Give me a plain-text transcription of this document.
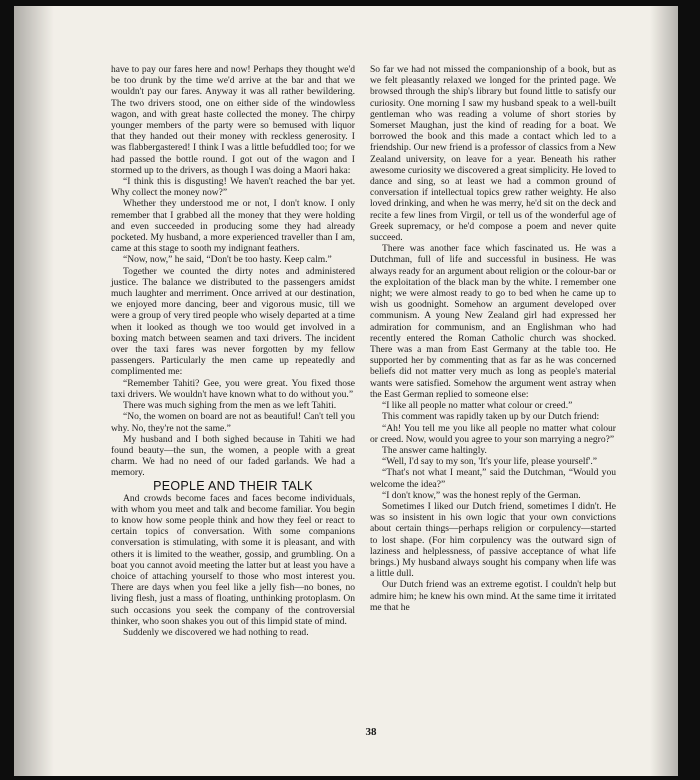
have to pay our fares here and now! Perhaps they thought we'd be too drunk by the time we'd arrive at the bar and that we wouldn't pay our fares. Anyway it was all rather bewildering. The two drivers stood, one on either side of the windowless wagon, and with great haste collected the money. The chirpy younger members of the party were so bemused with liquor that they handed out their money with reckless generosity. I was flabbergastered! I think I was a little befuddled too; for we had passed the bottle round. I got out of the wagon and I stormed up to the drivers, as though I was doing a Maori haka:

“I think this is disgusting! We haven't reached the bar yet. Why collect the money now?”

Whether they understood me or not, I don't know. I only remember that I grabbed all the money that they were holding and even succeeded in producing some they had already pocketed. My husband, a more experienced traveller than I am, came at this stage to sooth my indignant feathers.

“Now, now,” he said, “Don't be too hasty. Keep calm.”

Together we counted the dirty notes and administered justice. The balance we distributed to the passengers amidst much laughter and merriment. Once arrived at our destination, we enjoyed more dancing, beer and vigorous music, till we were a group of very tired people who wisely departed at a time when it looked as though we too would get involved in a boxing match between seamen and taxi drivers. The incident over the taxi fares was never forgotten by my fellow passengers. Particularly the men came up repeatedly and complimented me:

“Remember Tahiti? Gee, you were great. You fixed those taxi drivers. We wouldn't have known what to do without you.”

There was much sighing from the men as we left Tahiti.

“No, the women on board are not as beautiful! Can't tell you why. No, they're not the same.”

My husband and I both sighed because in Tahiti we had found beauty—the sun, the women, a people with a great charm. We had no need of our faded garlands. We had a memory.

PEOPLE AND THEIR TALK

And crowds become faces and faces become individuals, with whom you meet and talk and become familiar. You begin to know how some people think and how they feel or react to certain topics of conversation. With some companions conversation is stimulating, with some it is pleasant, and with others it is limited to the weather, gossip, and grumbling. On a boat you cannot avoid meeting the latter but at least you have a choice of attaching yourself to those who most interest you. There are days when you feel like a jelly fish—no bones, no living flesh, just a mass of floating, unthinking protoplasm. On such occasions you seek the company of the controversial thinker, who soon shakes you out of this limpid state of mind.

Suddenly we discovered we had nothing to read.

So far we had not missed the companionship of a book, but as we felt pleasantly relaxed we longed for the printed page. We browsed through the ship's library but found little to satisfy our curiosity. One morning I saw my husband speak to a well-built gentleman who was reading a volume of short stories by Somerset Maughan, just the kind of reading for a boat. We borrowed the book and this made a contact which led to a friendship. Our new friend is a professor of classics from a New Zealand university, on leave for a year. Beneath his rather awesome curiosity we discovered a great simplicity. He loved to dance and sing, so at least we had a common ground of conversation if intellectual topics grew rather weighty. He also loved drinking, and when he was merry, he'd sit on the deck and recite a few lines from Virgil, or tell us of the wonderful age of Greek supremacy, or he'd compose a poem and never quite succeed.

There was another face which fascinated us. He was a Dutchman, full of life and successful in business. He was always ready for an argument about religion or the colour-bar or the exploitation of the black man by the white. I remember one night; we were almost ready to go to bed when he came up to wish us goodnight. Somehow an argument developed over communism. A young New Zealand girl had expressed her admiration for communism, and an Englishman who had recently entered the Roman Catholic church was shocked. There was a man from East Germany at the table too. He supported her by commenting that as far as he was concerned beliefs did not matter very much as long as people's material wants were satisfied. Somehow the argument went astray when the East German replied to someone else:

“I like all people no matter what colour or creed.”

This comment was rapidly taken up by our Dutch friend:

“Ah! You tell me you like all people no matter what colour or creed. Now, would you agree to your son marrying a negro?”

The answer came haltingly.

“Well, I'd say to my son, 'It's your life, please yourself'.”

“That's not what I meant,” said the Dutchman, “Would you welcome the idea?”

“I don't know,” was the honest reply of the German.

Sometimes I liked our Dutch friend, sometimes I didn't. He was so insistent in his own logic that your own convictions about certain things—perhaps religion or corpulency—started to lost shape. (For him corpulency was the outward sign of laziness and helplessness, of passive acceptance of what life brings.) My husband always sought his company when life was a little dull.

Our Dutch friend was an extreme egotist. I couldn't help but admire him; he knew his own mind. At the same time it irritated me that he

38
